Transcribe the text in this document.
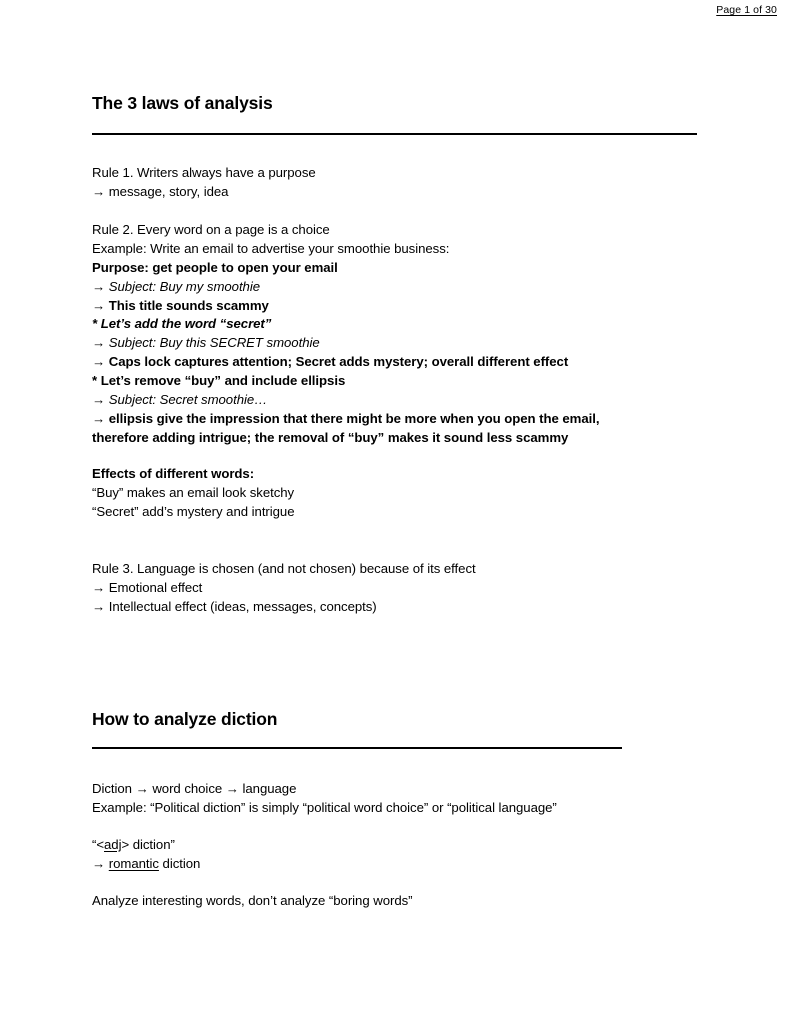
Page 1 of 30
The 3 laws of analysis

Rule 1. Writers always have a purpose

→ message, story, idea

Rule 2. Every word on a page is a choice

Example: Write an email to advertise your smoothie business:

Purpose: get people to open your email

→ Subject: Buy my smoothie

→ This title sounds scammy

* Let’s add the word “secret”

→ Subject: Buy this SECRET smoothie

→ Caps lock captures attention; Secret adds mystery; overall different effect

* Let’s remove “buy” and include ellipsis

→ Subject: Secret smoothie…

→ ellipsis give the impression that there might be more when you open the email,

therefore adding intrigue; the removal of “buy” makes it sound less scammy

Effects of different words:

“Buy” makes an email look sketchy

“Secret” add’s mystery and intrigue

Rule 3. Language is chosen (and not chosen) because of its effect

→ Emotional effect

→ Intellectual effect (ideas, messages, concepts)

How to analyze diction

Diction → word choice → language

Example: “Political diction” is simply “political word choice” or “political language”

“<adj> diction”

→ romantic diction

Analyze interesting words, don’t analyze “boring words”
